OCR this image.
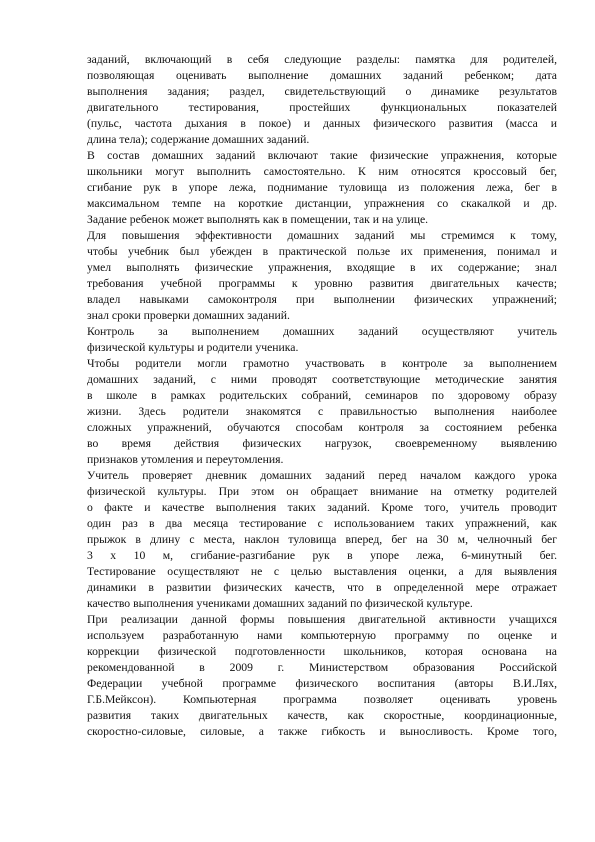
заданий, включающий в себя следующие разделы: памятка для родителей,
позволяющая оценивать выполнение домашних заданий ребенком; дата
выполнения задания; раздел, свидетельствующий о динамике результатов
двигательного тестирования, простейших функциональных показателей
(пульс, частота дыхания в покое) и данных физического развития (масса и
длина тела); содержание домашних заданий.
В состав домашних заданий включают такие физические упражнения, которые
школьники могут выполнить самостоятельно. К ним относятся кроссовый бег,
сгибание рук в упоре лежа, поднимание туловища из положения лежа, бег в
максимальном темпе на короткие дистанции, упражнения со скакалкой и др.
Задание ребенок может выполнять как в помещении, так и на улице.
Для повышения эффективности домашних заданий мы стремимся к тому,
чтобы учебник был убежден в практической пользе их применения, понимал и
умел выполнять физические упражнения, входящие в их содержание; знал
требования учебной программы к уровню развития двигательных качеств;
владел навыками самоконтроля при выполнении физических упражнений;
знал сроки проверки домашних заданий.
Контроль за выполнением домашних заданий осуществляют учитель
физической культуры и родители ученика.
Чтобы родители могли грамотно участвовать в контроле за выполнением
домашних заданий, с ними проводят соответствующие методические занятия
в школе в рамках родительских собраний, семинаров по здоровому образу
жизни. Здесь родители знакомятся с правильностью выполнения наиболее
сложных упражнений, обучаются способам контроля за состоянием ребенка
во время действия физических нагрузок, своевременному выявлению
признаков утомления и переутомления.
Учитель проверяет дневник домашних заданий перед началом каждого урока
физической культуры. При этом он обращает внимание на отметку родителей
о факте и качестве выполнения таких заданий. Кроме того, учитель проводит
один раз в два месяца тестирование с использованием таких упражнений, как
прыжок в длину с места, наклон туловища вперед, бег на 30 м, челночный бег
3 х 10 м, сгибание-разгибание рук в упоре лежа, 6-минутный бег.
Тестирование осуществляют не с целью выставления оценки, а для выявления
динамики в развитии физических качеств, что в определенной мере отражает
качество выполнения учениками домашних заданий по физической культуре.
При реализации данной формы повышения двигательной активности учащихся
используем разработанную нами компьютерную программу по оценке и
коррекции физической подготовленности школьников, которая основана на
рекомендованной в 2009 г. Министерством образования Российской
Федерации учебной программе физического воспитания (авторы В.И.Лях,
Г.Б.Мейксон). Компьютерная программа позволяет оценивать уровень
развития таких двигательных качеств, как скоростные, координационные,
скоростно-силовые, силовые, а также гибкость и выносливость. Кроме того,
